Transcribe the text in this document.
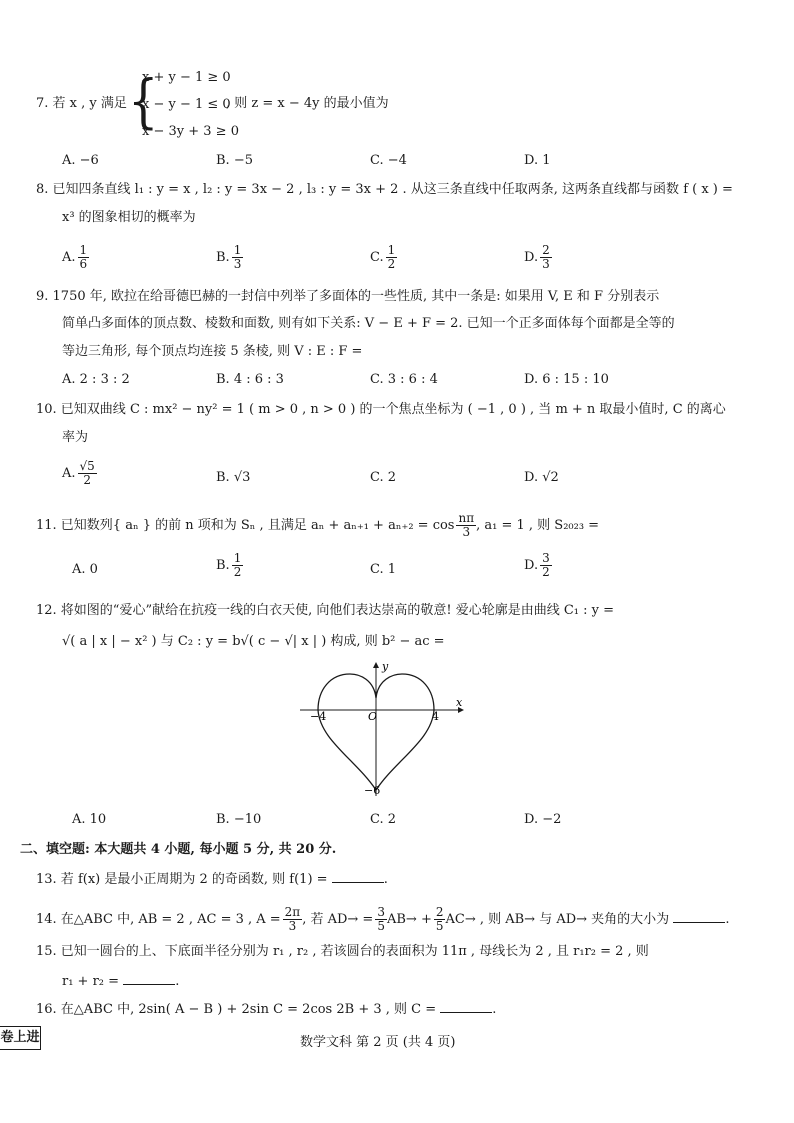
7. 若 x , y 满足 {
x + y − 1 ≥ 0
x − y − 1 ≤ 0
x − 3y + 3 ≥ 0
, 则 z = x − 4y 的最小值为
A. −6	B. −5	C. −4	D. 1
8. 已知四条直线 l₁ : y = x , l₂ : y = 3x − 2 , l₃ : y = 3x + 2 . 从这三条直线中任取两条, 这两条直线都与函数 f ( x ) =
x³ 的图象相切的概率为
A. $\frac{1}{6}$	B. $\frac{1}{3}$	C. $\frac{1}{2}$	D. $\frac{2}{3}$
9. 1750 年, 欧拉在给哥德巴赫的一封信中列举了多面体的一些性质, 其中一条是: 如果用 V, E 和 F 分别表示
简单凸多面体的顶点数、棱数和面数, 则有如下关系: V − E + F = 2. 已知一个正多面体每个面都是全等的
等边三角形, 每个顶点均连接 5 条棱, 则 V : E : F =
A. 2 : 3 : 2	B. 4 : 6 : 3	C. 3 : 6 : 4	D. 6 : 15 : 10
10. 已知双曲线 C : mx² − ny² = 1 ( m > 0 , n > 0 ) 的一个焦点坐标为 ( −1 , 0 ) , 当 m + n 取最小值时, C 的离心
率为
A. $\frac{√5}{2}$	B. √3	C. 2	D. √2
11. 已知数列{ aₙ } 的前 n 项和为 Sₙ , 且满足 $a_n + a_{n+1} + a_{n+2} = \cos \frac{n\pi}{3}$ , a₁ = 1 , 则 S₂₀₂₃ =
A. 0	B. $\frac{1}{2}$	C. 1	D. $\frac{3}{2}$
12. 将如图的“爱心”献给在抗疫一线的白衣天使, 向他们表达崇高的敬意! 爱心轮廓是由曲线 C₁ : y =
√( a | x | − x² ) 与 C₂ : y = b√( c − √| x | ) 构成, 则 b² − ac =
y
x
O
−4	4
−6
A. 10	B. −10	C. 2	D. −2
二、填空题: 本大题共 4 小题, 每小题 5 分, 共 20 分.
13. 若 f(x) 是最小正周期为 2 的奇函数, 则 f(1) =	.
14. 在△ABC 中, AB = 2 , AC = 3 , $A = \frac{2\pi}{3}$ , 若 $AD\to = \frac{3}{5} AB\to + \frac{2}{5} AC\to$ , 则 AB→ 与 AD→ 夹角的大小为	.
15. 已知一圆台的上、下底面半径分别为 r₁ , r₂ , 若该圆台的表面积为 11π , 母线长为 2 , 且 r₁r₂ = 2 , 则
r₁ + r₂ =	.
16. 在△ABC 中, 2sin( A − B ) + 2sin C = 2cos 2B + 3 , 则 C =	.
卷上进	数学文科 第 2 页 (共 4 页)
